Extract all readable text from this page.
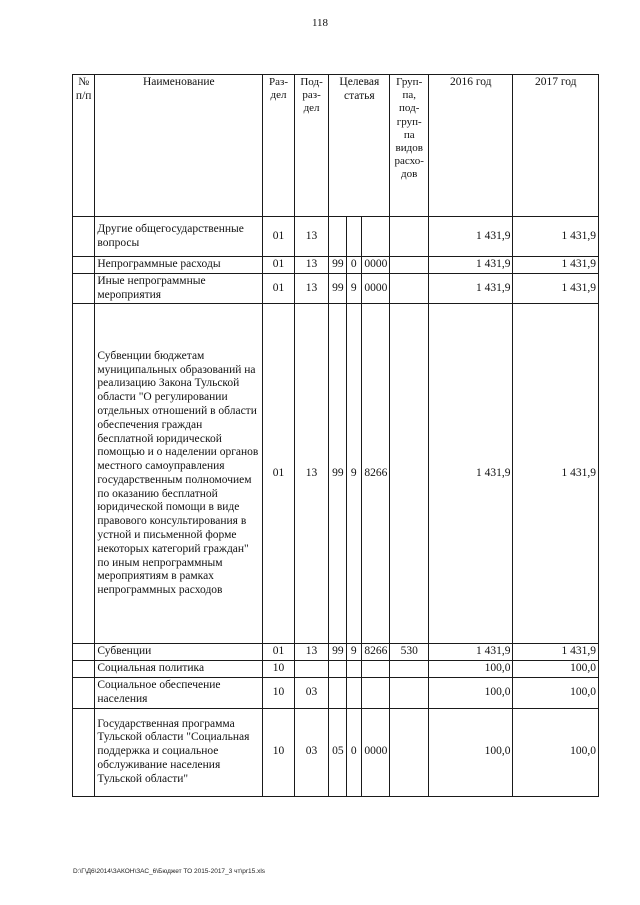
118
№ п/п	Наименование	Раз- дел	Под- раз- дел	Целевая статья			Груп- па, под- груп- па видов расхо- дов	2016 год	2017 год
	Другие общегосударственные вопросы	01	13					1 431,9	1 431,9
	Непрограммные расходы	01	13	99	0	0000		1 431,9	1 431,9
	Иные непрограммные мероприятия	01	13	99	9	0000		1 431,9	1 431,9
	Субвенции бюджетам муниципальных образований на реализацию Закона Тульской области "О регулировании отдельных отношений в области обеспечения граждан бесплатной юридической помощью и о наделении органов местного самоуправления государственным полномочием по оказанию бесплатной юридической помощи в виде правового консультирования в устной и письменной форме некоторых категорий граждан" по иным непрограммным мероприятиям в рамках непрограммных расходов	01	13	99	9	8266		1 431,9	1 431,9
	Субвенции	01	13	99	9	8266	530	1 431,9	1 431,9
	Социальная политика	10						100,0	100,0
	Социальное обеспечение населения	10	03					100,0	100,0
	Государственная программа Тульской области "Социальная поддержка и социальное обслуживание населения Тульской области"	10	03	05	0	0000		100,0	100,0
D:\Г\Д6\2014\ЗАКОН\ЗАС_6\Бюджет ТО 2015-2017_3 чт\pr15.xls
